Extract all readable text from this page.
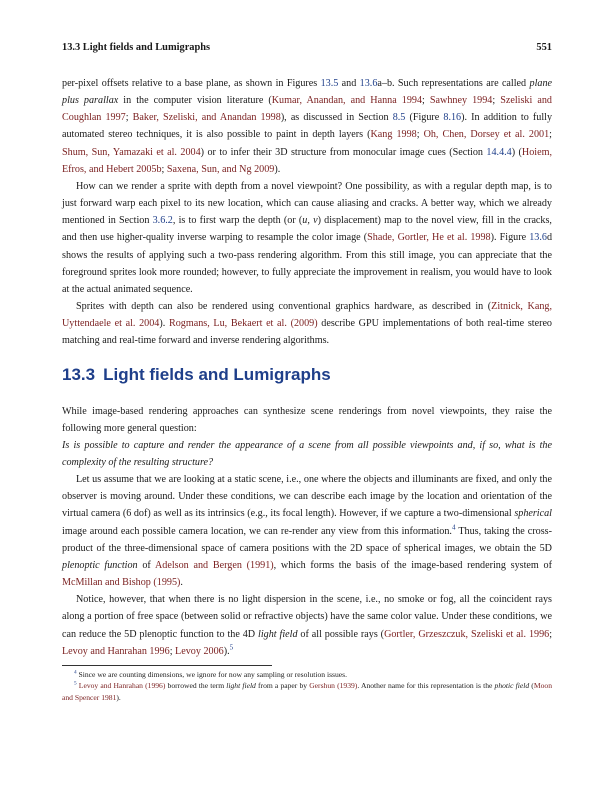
13.3 Light fields and Lumigraphs	551

per-pixel offsets relative to a base plane, as shown in Figures 13.5 and 13.6a–b. Such representations are called plane plus parallax in the computer vision literature (Kumar, Anandan, and Hanna 1994; Sawhney 1994; Szeliski and Coughlan 1997; Baker, Szeliski, and Anandan 1998), as discussed in Section 8.5 (Figure 8.16). In addition to fully automated stereo techniques, it is also possible to paint in depth layers (Kang 1998; Oh, Chen, Dorsey et al. 2001; Shum, Sun, Yamazaki et al. 2004) or to infer their 3D structure from monocular image cues (Section 14.4.4) (Hoiem, Efros, and Hebert 2005b; Saxena, Sun, and Ng 2009).

How can we render a sprite with depth from a novel viewpoint? One possibility, as with a regular depth map, is to just forward warp each pixel to its new location, which can cause aliasing and cracks. A better way, which we already mentioned in Section 3.6.2, is to first warp the depth (or (u, v) displacement) map to the novel view, fill in the cracks, and then use higher-quality inverse warping to resample the color image (Shade, Gortler, He et al. 1998). Figure 13.6d shows the results of applying such a two-pass rendering algorithm. From this still image, you can appreciate that the foreground sprites look more rounded; however, to fully appreciate the improvement in realism, you would have to look at the actual animated sequence.

Sprites with depth can also be rendered using conventional graphics hardware, as described in (Zitnick, Kang, Uyttendaele et al. 2004). Rogmans, Lu, Bekaert et al. (2009) describe GPU implementations of both real-time stereo matching and real-time forward and inverse rendering algorithms.

13.3 Light fields and Lumigraphs

While image-based rendering approaches can synthesize scene renderings from novel viewpoints, they raise the following more general question:

Is is possible to capture and render the appearance of a scene from all possible viewpoints and, if so, what is the complexity of the resulting structure?

Let us assume that we are looking at a static scene, i.e., one where the objects and illuminants are fixed, and only the observer is moving around. Under these conditions, we can describe each image by the location and orientation of the virtual camera (6 dof) as well as its intrinsics (e.g., its focal length). However, if we capture a two-dimensional spherical image around each possible camera location, we can re-render any view from this information.$^4$ Thus, taking the cross-product of the three-dimensional space of camera positions with the 2D space of spherical images, we obtain the 5D plenoptic function of Adelson and Bergen (1991), which forms the basis of the image-based rendering system of McMillan and Bishop (1995).

Notice, however, that when there is no light dispersion in the scene, i.e., no smoke or fog, all the coincident rays along a portion of free space (between solid or refractive objects) have the same color value. Under these conditions, we can reduce the 5D plenoptic function to the 4D light field of all possible rays (Gortler, Grzeszczuk, Szeliski et al. 1996; Levoy and Hanrahan 1996; Levoy 2006).$^5$

$^4$ Since we are counting dimensions, we ignore for now any sampling or resolution issues.

$^5$ Levoy and Hanrahan (1996) borrowed the term light field from a paper by Gershun (1939). Another name for this representation is the photic field (Moon and Spencer 1981).
